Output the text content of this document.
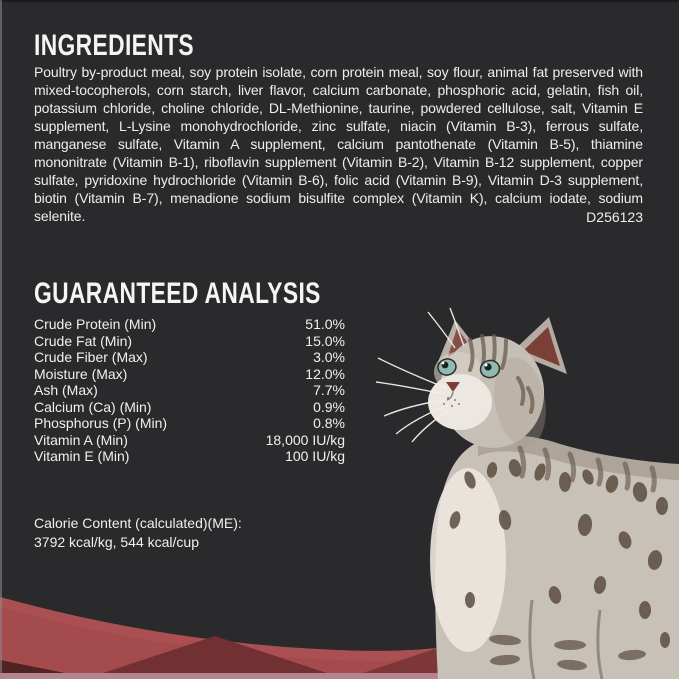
INGREDIENTS

Poultry by-product meal, soy protein isolate, corn protein meal, soy flour, animal fat preserved with mixed-tocopherols, corn starch, liver flavor, calcium carbonate, phosphoric acid, gelatin, fish oil, potassium chloride, choline chloride, DL-Methionine, taurine, powdered cellulose, salt, Vitamin E supplement, L-Lysine monohydrochloride, zinc sulfate, niacin (Vitamin B-3), ferrous sulfate, manganese sulfate, Vitamin A supplement, calcium pantothenate (Vitamin B-5), thiamine mononitrate (Vitamin B-1), riboflavin supplement (Vitamin B-2), Vitamin B-12 supplement, copper sulfate, pyridoxine hydrochloride (Vitamin B-6), folic acid (Vitamin B-9), Vitamin D-3 supplement, biotin (Vitamin B-7), menadione sodium bisulfite complex (Vitamin K), calcium iodate, sodium selenite.	D256123
GUARANTEED ANALYSIS
Crude Protein (Min)	51.0%
Crude Fat (Min)	15.0%
Crude Fiber (Max)	3.0%
Moisture (Max)	12.0%
Ash (Max)	7.7%
Calcium (Ca) (Min)	0.9%
Phosphorus (P) (Min)	0.8%
Vitamin A (Min)	18,000 IU/kg
Vitamin E (Min)	100 IU/kg
Calorie Content (calculated)(ME):
3792 kcal/kg, 544 kcal/cup
